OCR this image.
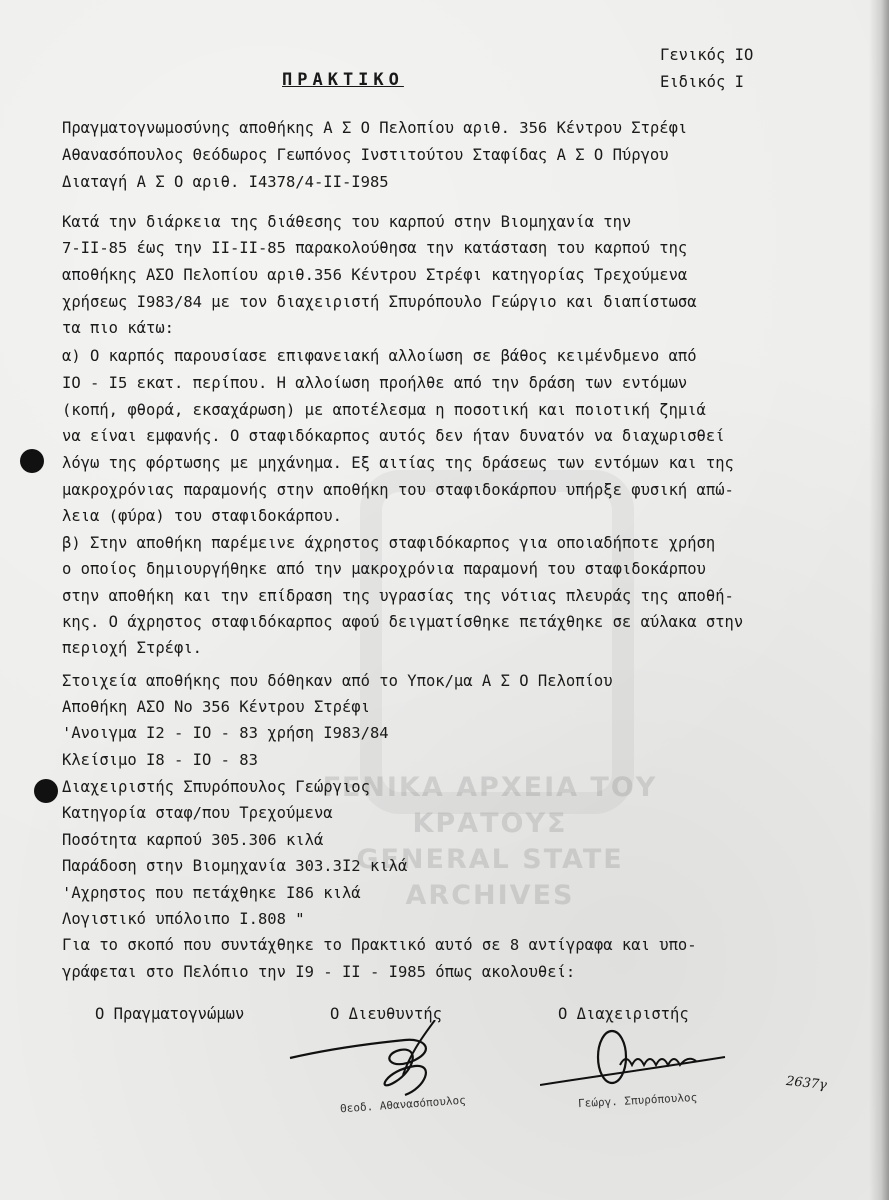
ΓΕΝΙΚΑ ΑΡΧΕΙΑ ΤΟΥ ΚΡΑΤΟΥΣ
GENERAL STATE ARCHIVES
Γενικός ΙΟ
Ειδικός Ι
ΠΡΑΚΤΙΚΟ
Πραγματογνωμοσύνης αποθήκης Α Σ Ο Πελοπίου αριθ. 356 Κέντρου Στρέφι
Αθανασόπουλος Θεόδωρος Γεωπόνος Ινστιτούτου Σταφίδας Α Σ Ο Πύργου
Διαταγή Α Σ Ο αριθ. Ι4378/4-ΙΙ-Ι985
Κατά την διάρκεια της διάθεσης του καρπού στην Βιομηχανία την
7-ΙΙ-85 έως την ΙΙ-ΙΙ-85 παρακολούθησα την κατάσταση του καρπού της
αποθήκης ΑΣΟ Πελοπίου αριθ.356 Κέντρου Στρέφι κατηγορίας Τρεχούμενα
χρήσεως Ι983/84 με τον διαχειριστή Σπυρόπουλο Γεώργιο και διαπίστωσα
τα πιο κάτω:
α) Ο καρπός παρουσίασε επιφανειακή αλλοίωση σε βάθος κειμένδμενο από
ΙΟ - Ι5 εκατ. περίπου. Η αλλοίωση προήλθε από την δράση των εντόμων
(κοπή, φθορά, εκσαχάρωση) με αποτέλεσμα η ποσοτική και ποιοτική ζημιά
να είναι εμφανής. Ο σταφιδόκαρπος αυτός δεν ήταν δυνατόν να διαχωρισθεί
λόγω της φόρτωσης με μηχάνημα. Εξ αιτίας της δράσεως των εντόμων και της
μακροχρόνιας παραμονής στην αποθήκη του σταφιδοκάρπου υπήρξε φυσική απώ-
λεια (φύρα) του σταφιδοκάρπου.
β) Στην αποθήκη παρέμεινε άχρηστος σταφιδόκαρπος για οποιαδήποτε χρήση
ο οποίος δημιουργήθηκε από την μακροχρόνια παραμονή του σταφιδοκάρπου
στην αποθήκη και την επίδραση της υγρασίας της νότιας πλευράς της αποθή-
κης. Ο άχρηστος σταφιδόκαρπος αφού δειγματίσθηκε πετάχθηκε σε αύλακα στην
περιοχή Στρέφι.
Στοιχεία αποθήκης που δόθηκαν από το Υποκ/μα Α Σ Ο Πελοπίου
Αποθήκη ΑΣΟ Νο 356 Κέντρου Στρέφι
'Ανοιγμα Ι2 - ΙΟ - 83 χρήση Ι983/84
Κλείσιμο Ι8 - ΙΟ - 83
Διαχειριστής Σπυρόπουλος Γεώργιος
Κατηγορία σταφ/που Τρεχούμενα
Ποσότητα καρπού 305.306 κιλά
Παράδοση στην Βιομηχανία 303.3Ι2 κιλά
'Αχρηστος που πετάχθηκε Ι86 κιλά
Λογιστικό υπόλοιπο Ι.808 "
Για το σκοπό που συντάχθηκε το Πρακτικό αυτό σε 8 αντίγραφα και υπο-
γράφεται στο Πελόπιο την Ι9 - ΙΙ - Ι985 όπως ακολουθεί:
Ο Πραγματογνώμων	Ο Διευθυντής	Ο Διαχειριστής
Θεοδ. Αθανασόπουλος	Γεώργ. Σπυρόπουλος
2637γ
